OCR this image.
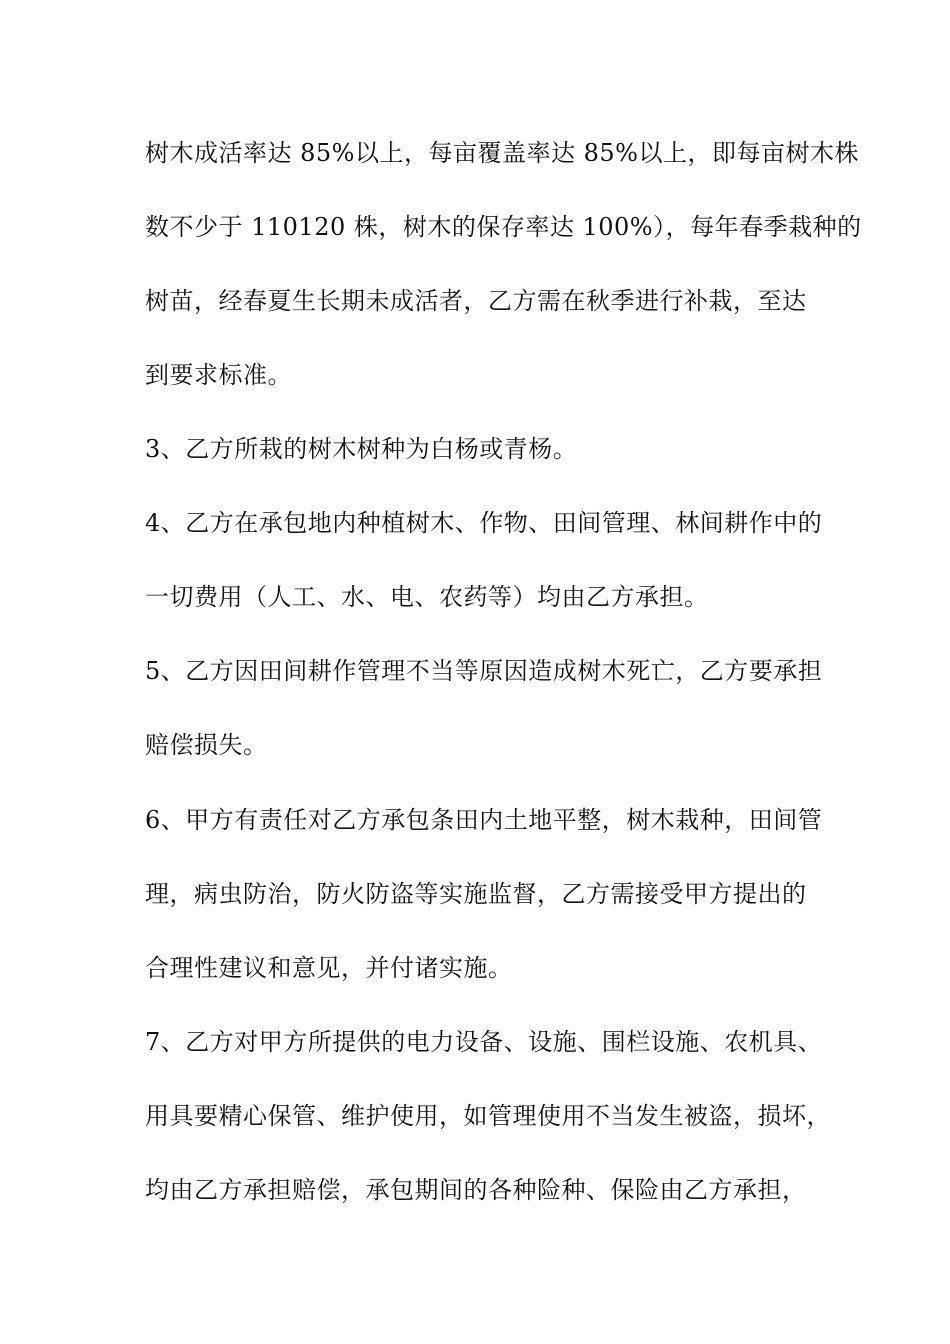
树木成活率达 85%以上，每亩覆盖率达 85%以上，即每亩树木株
数不少于 110120 株，树木的保存率达 100%），每年春季栽种的
树苗，经春夏生长期未成活者，乙方需在秋季进行补栽，至达
到要求标准。
3、乙方所栽的树木树种为白杨或青杨。
4、乙方在承包地内种植树木、作物、田间管理、林间耕作中的
一切费用（人工、水、电、农药等）均由乙方承担。
5、乙方因田间耕作管理不当等原因造成树木死亡，乙方要承担
赔偿损失。
6、甲方有责任对乙方承包条田内土地平整，树木栽种，田间管
理，病虫防治，防火防盗等实施监督，乙方需接受甲方提出的
合理性建议和意见，并付诸实施。
7、乙方对甲方所提供的电力设备、设施、围栏设施、农机具、
用具要精心保管、维护使用，如管理使用不当发生被盗，损坏，
均由乙方承担赔偿，承包期间的各种险种、保险由乙方承担，
